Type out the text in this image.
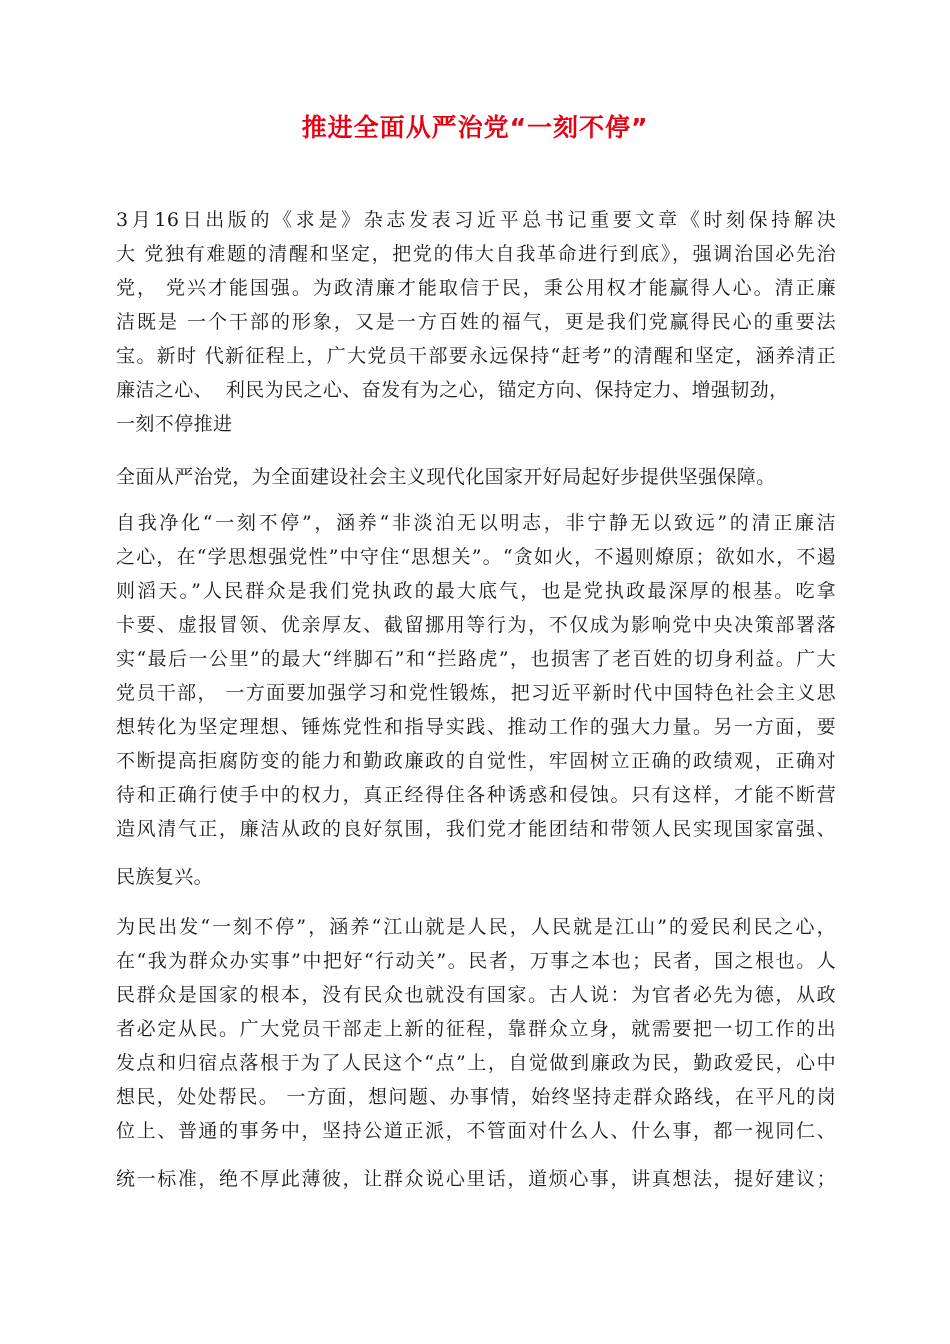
推进全面从严治党“一刻不停”
3月16日出版的《求是》杂志发表习近平总书记重要文章《时刻保持解决
大 党独有难题的清醒和坚定，把党的伟大自我革命进行到底》，强调治国必先治
党， 党兴才能国强。为政清廉才能取信于民，秉公用权才能赢得人心。清正廉
洁既是 一个干部的形象，又是一方百姓的福气，更是我们党赢得民心的重要法
宝。新时 代新征程上，广大党员干部要永远保持“赶考”的清醒和坚定，涵养清正
廉洁之心、  利民为民之心、奋发有为之心，锚定方向、保持定力、增强韧劲，
一刻不停推进
全面从严治党，为全面建设社会主义现代化国家开好局起好步提供坚强保障。
自我净化“一刻不停”，涵养“非淡泊无以明志，非宁静无以致远”的清正廉洁
之心，在“学思想强党性”中守住“思想关”。“贪如火，不遏则燎原；欲如水，不遏
则滔天。”人民群众是我们党执政的最大底气，也是党执政最深厚的根基。吃拿
卡要、虚报冒领、优亲厚友、截留挪用等行为，不仅成为影响党中央决策部署落
实“最后一公里”的最大“绊脚石”和“拦路虎”，也损害了老百姓的切身利益。广大
党员干部， 一方面要加强学习和党性锻炼，把习近平新时代中国特色社会主义思
想转化为坚定理想、锤炼党性和指导实践、推动工作的强大力量。另一方面，要
不断提高拒腐防变的能力和勤政廉政的自觉性，牢固树立正确的政绩观，正确对
待和正确行使手中的权力，真正经得住各种诱惑和侵蚀。只有这样，才能不断营
造风清气正，廉洁从政的良好氛围，我们党才能团结和带领人民实现国家富强、
民族复兴。
为民出发“一刻不停”，涵养“江山就是人民，人民就是江山”的爱民利民之心，
在“我为群众办实事”中把好“行动关”。民者，万事之本也；民者，国之根也。人
民群众是国家的根本，没有民众也就没有国家。古人说：为官者必先为德，从政
者必定从民。广大党员干部走上新的征程，靠群众立身，就需要把一切工作的出
发点和归宿点落根于为了人民这个“点”上，自觉做到廉政为民，勤政爱民，心中
想民，处处帮民。 一方面，想问题、办事情，始终坚持走群众路线，在平凡的岗
位上、普通的事务中，坚持公道正派，不管面对什么人、什么事，都一视同仁、
统一标准，绝不厚此薄彼，让群众说心里话，道烦心事，讲真想法，提好建议；
